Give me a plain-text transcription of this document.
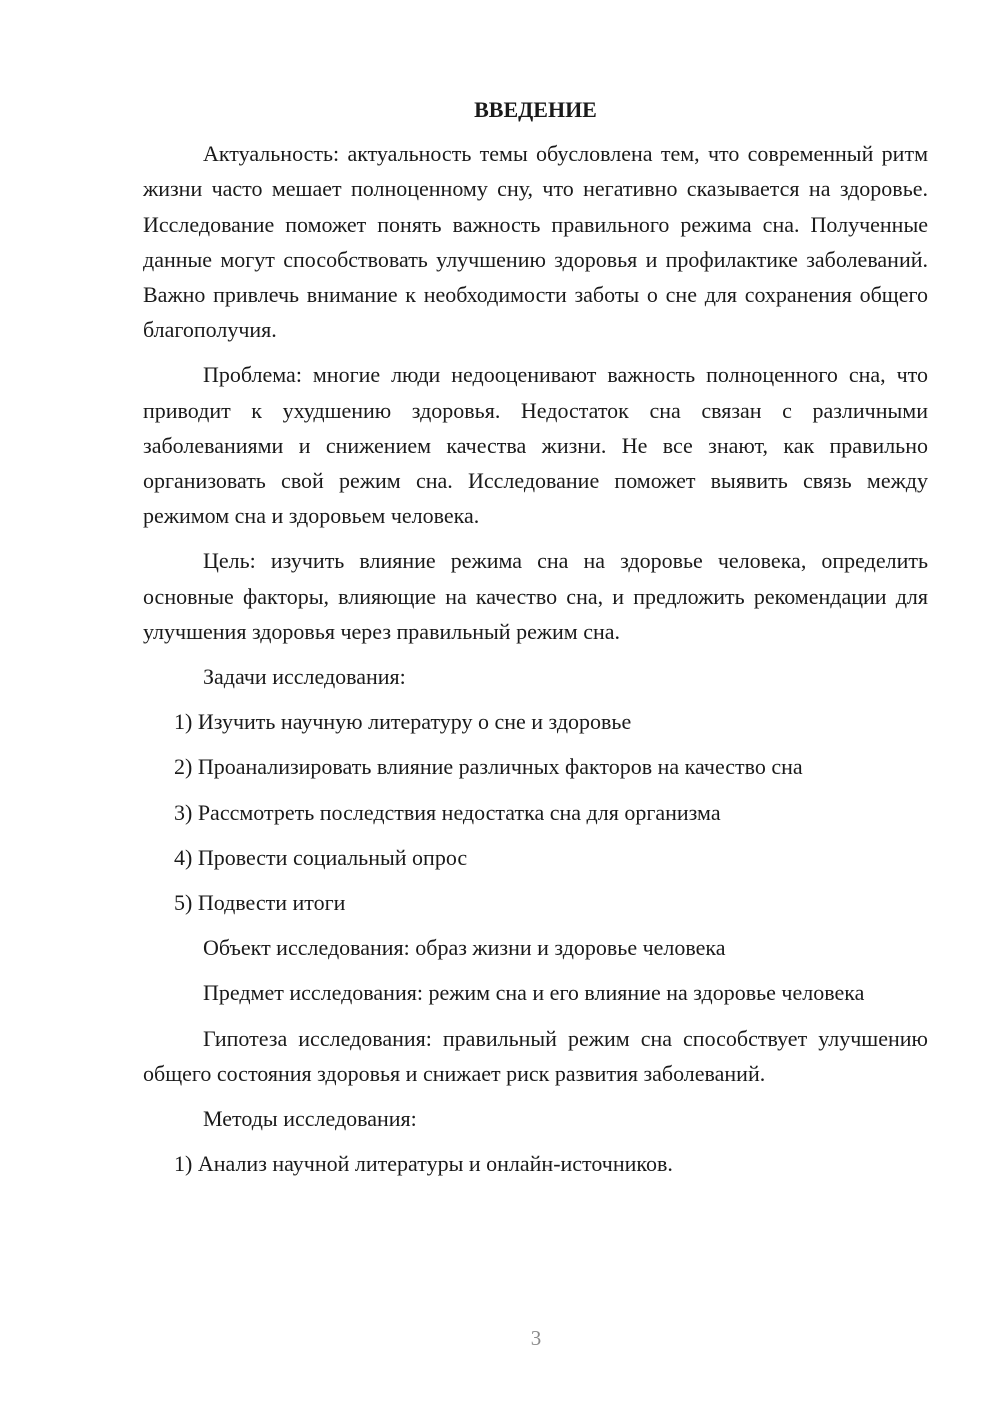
ВВЕДЕНИЕ

Актуальность: актуальность темы обусловлена тем, что современный ритм жизни часто мешает полноценному сну, что негативно сказывается на здоровье. Исследование поможет понять важность правильного режима сна. Полученные данные могут способствовать улучшению здоровья и профилактике заболеваний. Важно привлечь внимание к необходимости заботы о сне для сохранения общего благополучия.

Проблема: многие люди недооценивают важность полноценного сна, что приводит к ухудшению здоровья. Недостаток сна связан с различными заболеваниями и снижением качества жизни. Не все знают, как правильно организовать свой режим сна. Исследование поможет выявить связь между режимом сна и здоровьем человека.

Цель: изучить влияние режима сна на здоровье человека, определить основные факторы, влияющие на качество сна, и предложить рекомендации для улучшения здоровья через правильный режим сна.

Задачи исследования:

1) Изучить научную литературу о сне и здоровье

2) Проанализировать влияние различных факторов на качество сна

3) Рассмотреть последствия недостатка сна для организма

4) Провести социальный опрос

5) Подвести итоги

Объект исследования: образ жизни и здоровье человека

Предмет исследования: режим сна и его влияние на здоровье человека

Гипотеза исследования: правильный режим сна способствует улучшению общего состояния здоровья и снижает риск развития заболеваний.

Методы исследования:

1) Анализ научной литературы и онлайн-источников.

3
